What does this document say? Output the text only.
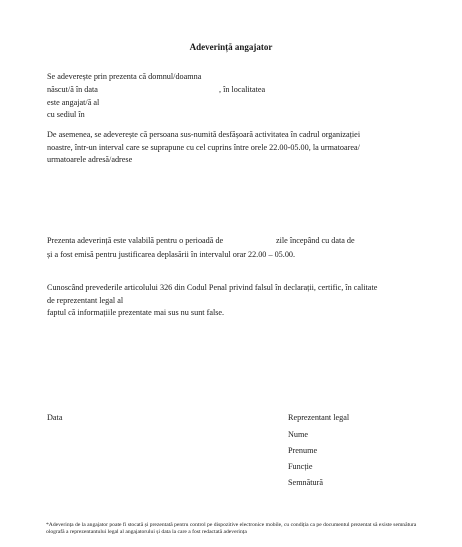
Adeverință angajator
Se adeverește prin prezenta că domnul/doamna
născut/ă în data	, în localitatea
este angajat/ă al
cu sediul în
De asemenea, se adeverește că persoana sus-numită desfășoară activitatea în cadrul organizației
noastre, într-un interval care se suprapune cu cel cuprins între orele 22.00-05.00, la urmatoarea/
urmatoarele adresă/adrese
Prezenta adeverință este valabilă pentru o perioadă de	zile începând cu data de
și a fost emisă pentru justificarea deplasării în intervalul orar 22.00 – 05.00.
Cunoscând prevederile articolului 326 din Codul Penal privind falsul în declarații, certific, în calitate
de reprezentant legal al
faptul că informațiile prezentate mai sus nu sunt false.
Data	Reprezentant legal
Nume
Prenume
Funcție
Semnătură
*Adeverința de la angajator poate fi stocată și prezentată pentru control pe dispozitive electronice mobile, cu condiția ca pe documentul prezentat să existe semnătura olografă a reprezentantului legal al angajatorului și data la care a fost redactată adeverința
